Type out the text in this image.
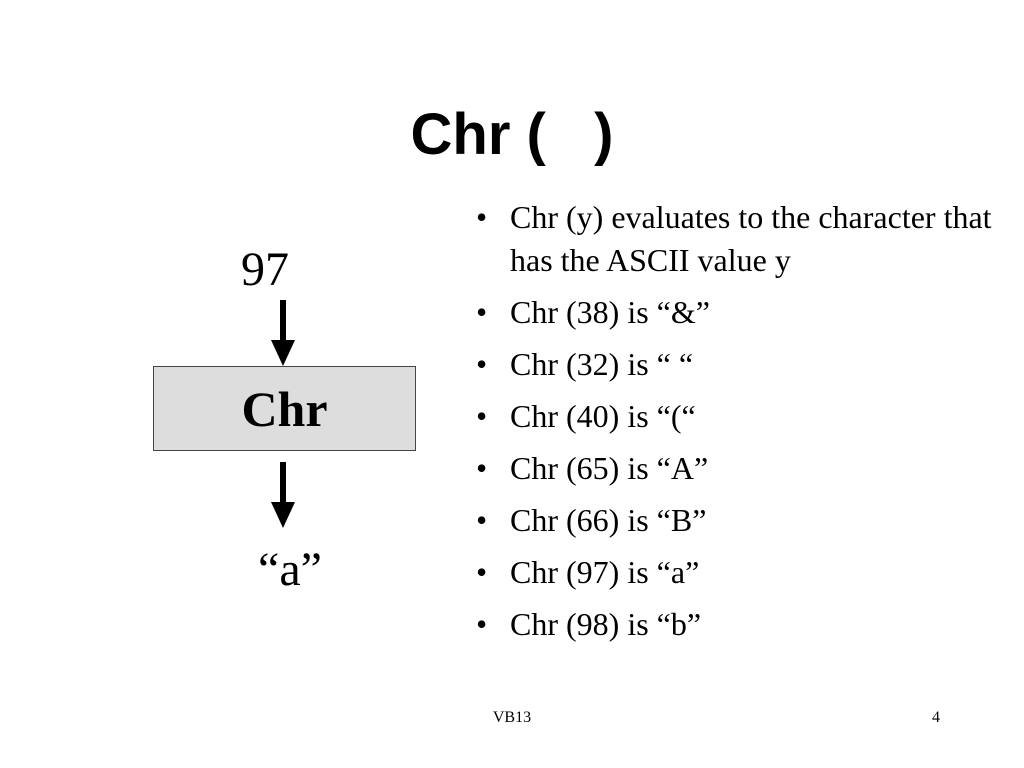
Chr (   )
97
Chr
“a”
• Chr (y) evaluates to the character that has the ASCII value y
• Chr (38) is “&”
• Chr (32) is “ “
• Chr (40) is “(“
• Chr (65) is “A”
• Chr (66) is “B”
• Chr (97) is “a”
• Chr (98) is “b”
VB13	4
